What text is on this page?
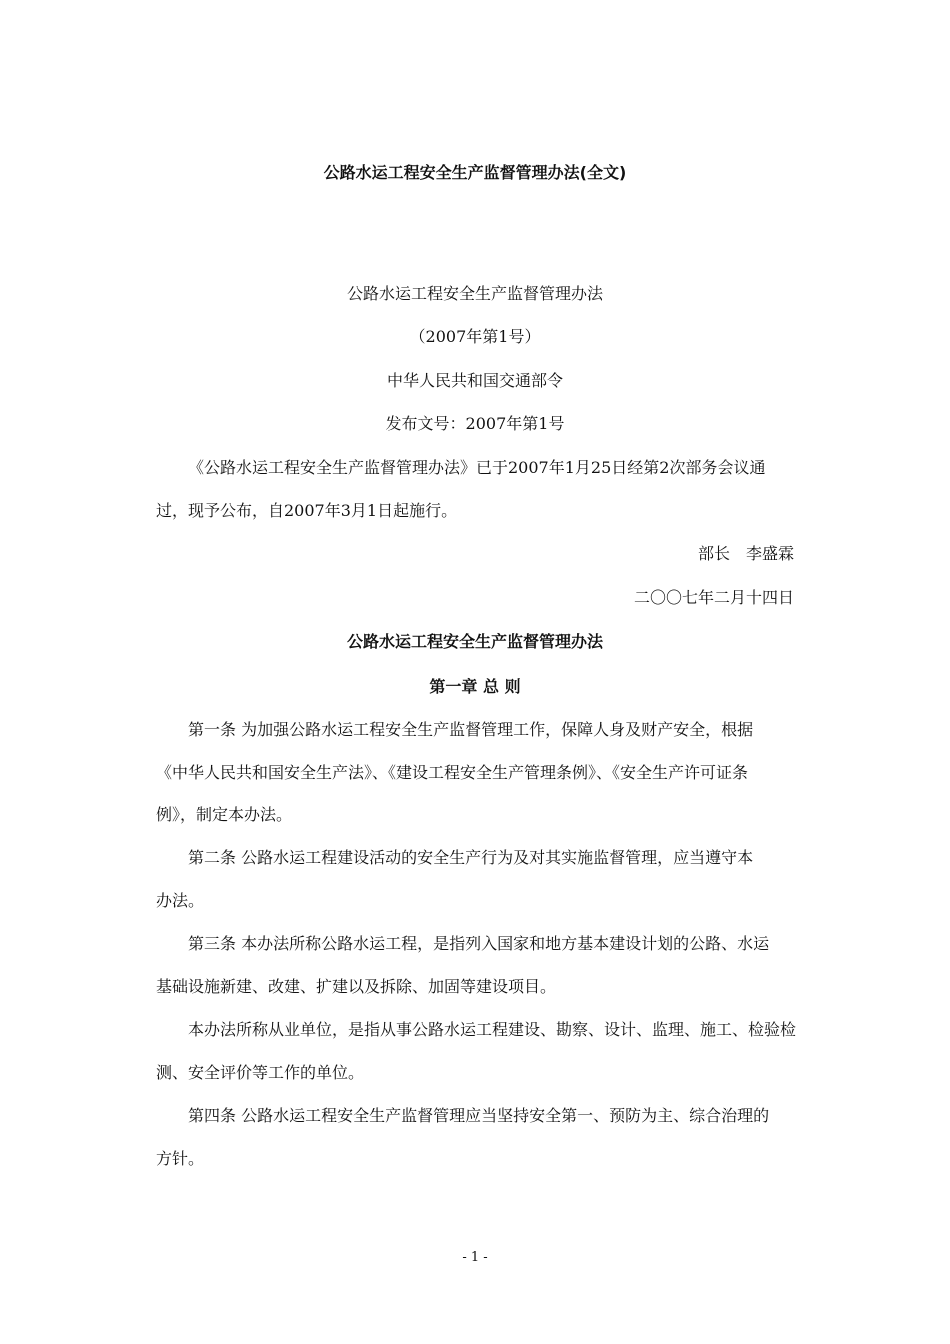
公路水运工程安全生产监督管理办法(全文)
公路水运工程安全生产监督管理办法
（2007年第1号）
中华人民共和国交通部令
发布文号：2007年第1号
《公路水运工程安全生产监督管理办法》已于2007年1月25日经第2次部务会议通
过，现予公布，自2007年3月1日起施行。
部长　李盛霖
二〇〇七年二月十四日
公路水运工程安全生产监督管理办法
第一章 总 则
第一条 为加强公路水运工程安全生产监督管理工作，保障人身及财产安全，根据
《中华人民共和国安全生产法》、《建设工程安全生产管理条例》、《安全生产许可证条
例》，制定本办法。
第二条 公路水运工程建设活动的安全生产行为及对其实施监督管理，应当遵守本
办法。
第三条 本办法所称公路水运工程，是指列入国家和地方基本建设计划的公路、水运
基础设施新建、改建、扩建以及拆除、加固等建设项目。
本办法所称从业单位，是指从事公路水运工程建设、勘察、设计、监理、施工、检验检
测、安全评价等工作的单位。
第四条 公路水运工程安全生产监督管理应当坚持安全第一、预防为主、综合治理的
方针。
- 1 -
